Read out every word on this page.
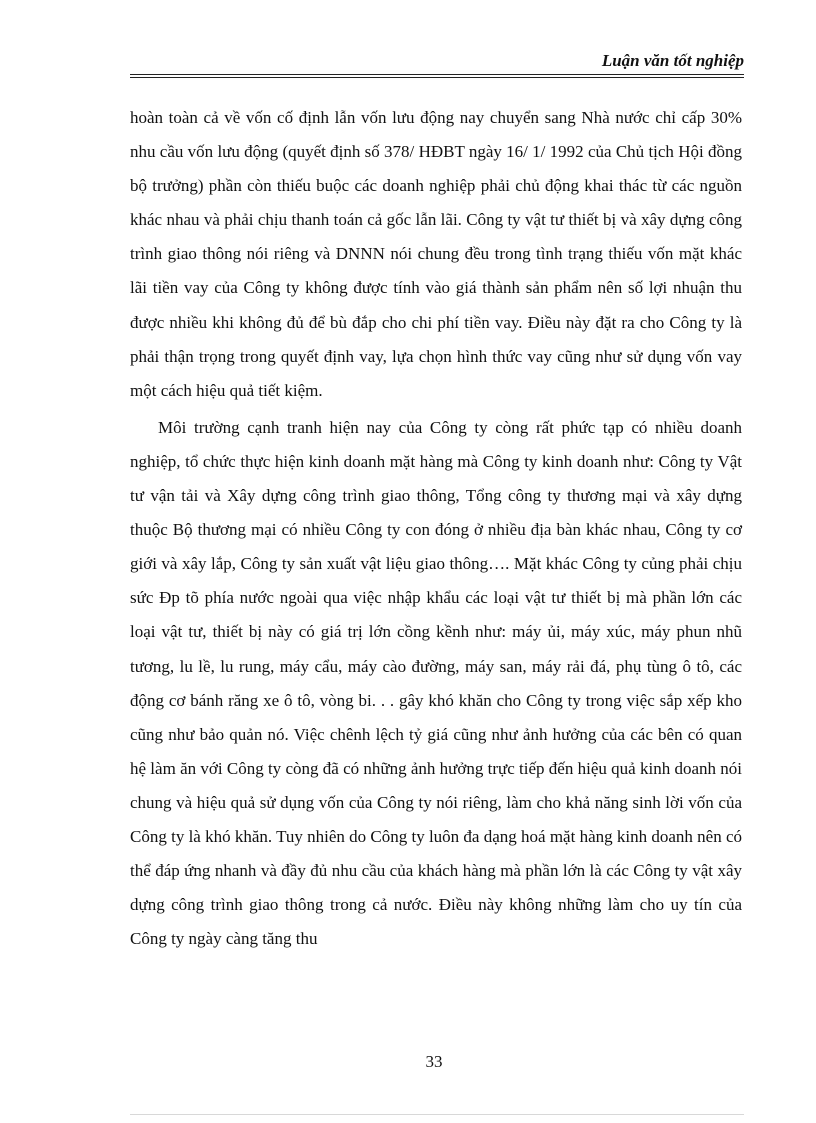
Luận văn tốt nghiệp

hoàn toàn cả về vốn cố định lẫn vốn lưu động nay chuyển sang Nhà nước chỉ cấp 30% nhu cầu vốn lưu động (quyết định số 378/ HĐBT ngày 16/ 1/ 1992 của Chủ tịch Hội đồng bộ trưởng) phần còn thiếu buộc các doanh nghiệp phải chủ động khai thác từ các nguồn khác nhau và phải chịu thanh toán cả gốc lẫn lãi. Công ty vật tư thiết bị và xây dựng công trình giao thông nói riêng và DNNN nói chung đều trong tình trạng thiếu vốn mặt khác lãi tiền vay của Công ty không được tính vào giá thành sản phẩm nên số lợi nhuận thu được nhiều khi không đủ để bù đắp cho chi phí tiền vay. Điều này đặt ra cho Công ty là phải thận trọng trong quyết định vay, lựa chọn hình thức vay cũng như sử dụng vốn vay một cách hiệu quả tiết kiệm.

Môi trường cạnh tranh hiện nay của Công ty còng rất phức tạp có nhiều doanh nghiệp, tổ chức thực hiện kinh doanh mặt hàng mà Công ty kinh doanh như: Công ty Vật tư vận tải và Xây dựng công trình giao thông, Tổng công ty thương mại và xây dựng thuộc Bộ thương mại có nhiều Công ty con đóng ở nhiều địa bàn khác nhau, Công ty cơ giới và xây lắp, Công ty sản xuất vật liệu giao thông…. Mặt khác Công ty củng phải chịu sức Ðp tõ phía nước ngoài qua việc nhập khẩu các loại vật tư thiết bị mà phần lớn các loại vật tư, thiết bị này có giá trị lớn cồng kềnh như: máy ủi, máy xúc, máy phun nhũ tương, lu lề, lu rung, máy cẩu, máy cào đường, máy san, máy rải đá, phụ tùng ô tô, các động cơ bánh răng xe ô tô, vòng bi. . . gây khó khăn cho Công ty trong việc sắp xếp kho cũng như bảo quản nó. Việc chênh lệch tỷ giá cũng như ảnh hưởng của các bên có quan hệ làm ăn với Công ty còng đã có những ảnh hưởng trực tiếp đến hiệu quả kinh doanh nói chung và hiệu quả sử dụng vốn của Công ty nói riêng, làm cho khả năng sinh lời vốn của Công ty là khó khăn. Tuy nhiên do Công ty luôn đa dạng hoá mặt hàng kinh doanh nên có thể đáp ứng nhanh và đầy đủ nhu cầu của khách hàng mà phần lớn là các Công ty vật xây dựng công trình giao thông trong cả nước. Điều này không những làm cho uy tín của Công ty ngày càng tăng thu

33
